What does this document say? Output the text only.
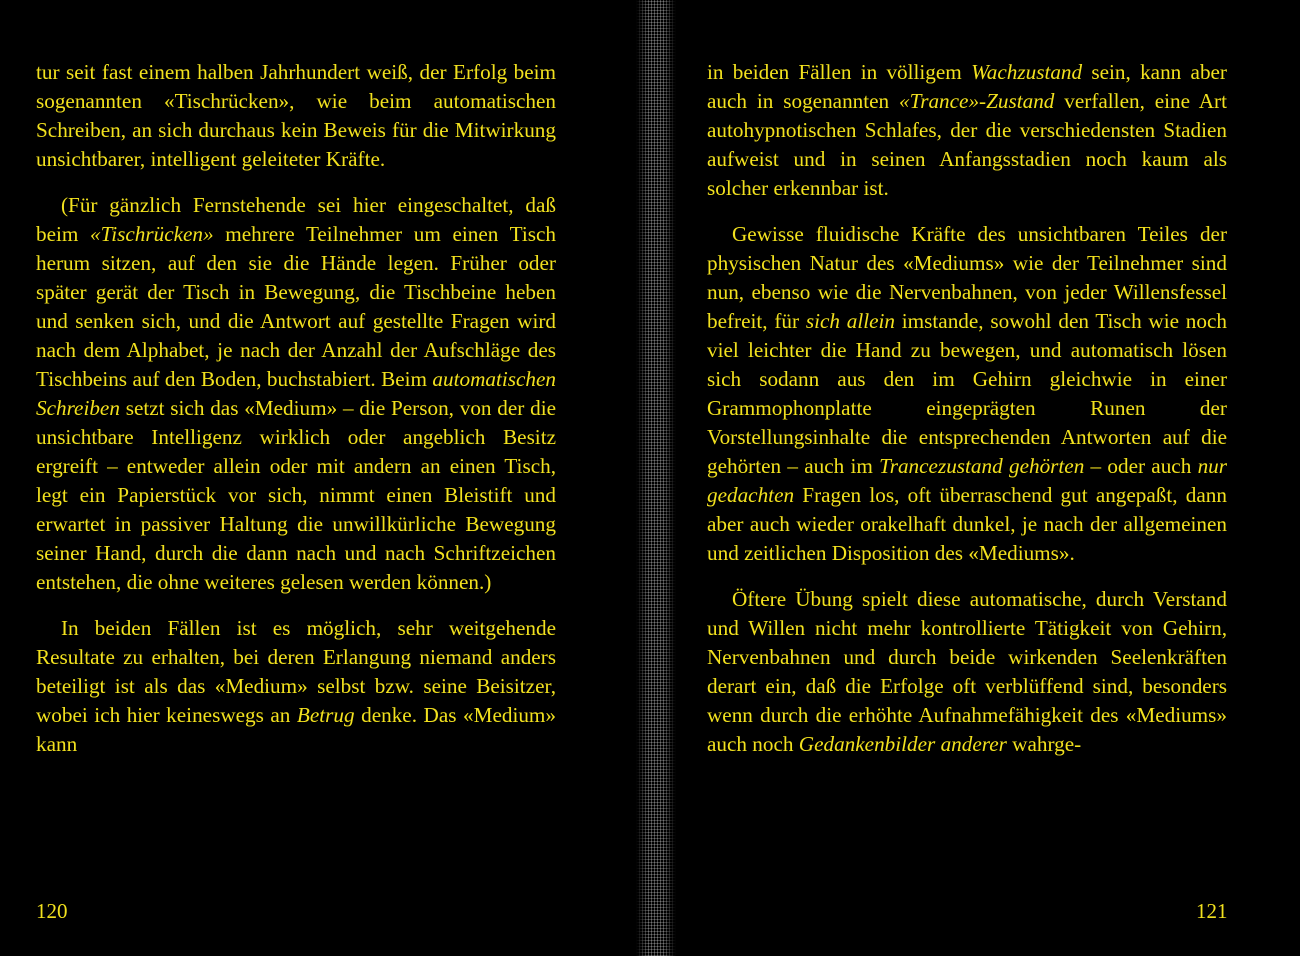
tur seit fast einem halben Jahrhundert weiß, der Erfolg beim sogenannten «Tischrücken», wie beim automatischen Schreiben, an sich durchaus kein Beweis für die Mitwirkung unsichtbarer, intelligent geleiteter Kräfte.

(Für gänzlich Fernstehende sei hier eingeschaltet, daß beim «Tischrücken» mehrere Teilnehmer um einen Tisch herum sitzen, auf den sie die Hände legen. Früher oder später gerät der Tisch in Bewegung, die Tischbeine heben und senken sich, und die Antwort auf gestellte Fragen wird nach dem Alphabet, je nach der Anzahl der Aufschläge des Tischbeins auf den Boden, buchstabiert. Beim automatischen Schreiben setzt sich das «Medium» – die Person, von der die unsichtbare Intelligenz wirklich oder angeblich Besitz ergreift – entweder allein oder mit andern an einen Tisch, legt ein Papierstück vor sich, nimmt einen Bleistift und erwartet in passiver Haltung die unwillkürliche Bewegung seiner Hand, durch die dann nach und nach Schriftzeichen entstehen, die ohne weiteres gelesen werden können.)

In beiden Fällen ist es möglich, sehr weitgehende Resultate zu erhalten, bei deren Erlangung niemand anders beteiligt ist als das «Medium» selbst bzw. seine Beisitzer, wobei ich hier keineswegs an Betrug denke. Das «Medium» kann

120

in beiden Fällen in völligem Wachzustand sein, kann aber auch in sogenannten «Trance»-Zustand verfallen, eine Art autohypnotischen Schlafes, der die verschiedensten Stadien aufweist und in seinen Anfangsstadien noch kaum als solcher erkennbar ist.

Gewisse fluidische Kräfte des unsichtbaren Teiles der physischen Natur des «Mediums» wie der Teilnehmer sind nun, ebenso wie die Nervenbahnen, von jeder Willensfessel befreit, für sich allein imstande, sowohl den Tisch wie noch viel leichter die Hand zu bewegen, und automatisch lösen sich sodann aus den im Gehirn gleichwie in einer Grammophonplatte eingeprägten Runen der Vorstellungsinhalte die entsprechenden Antworten auf die gehörten – auch im Trancezustand gehörten – oder auch nur gedachten Fragen los, oft überraschend gut angepaßt, dann aber auch wieder orakelhaft dunkel, je nach der allgemeinen und zeitlichen Disposition des «Mediums».

Öftere Übung spielt diese automatische, durch Verstand und Willen nicht mehr kontrollierte Tätigkeit von Gehirn, Nervenbahnen und durch beide wirkenden Seelenkräften derart ein, daß die Erfolge oft verblüffend sind, besonders wenn durch die erhöhte Aufnahmefähigkeit des «Mediums» auch noch Gedankenbilder anderer wahrge-

121
